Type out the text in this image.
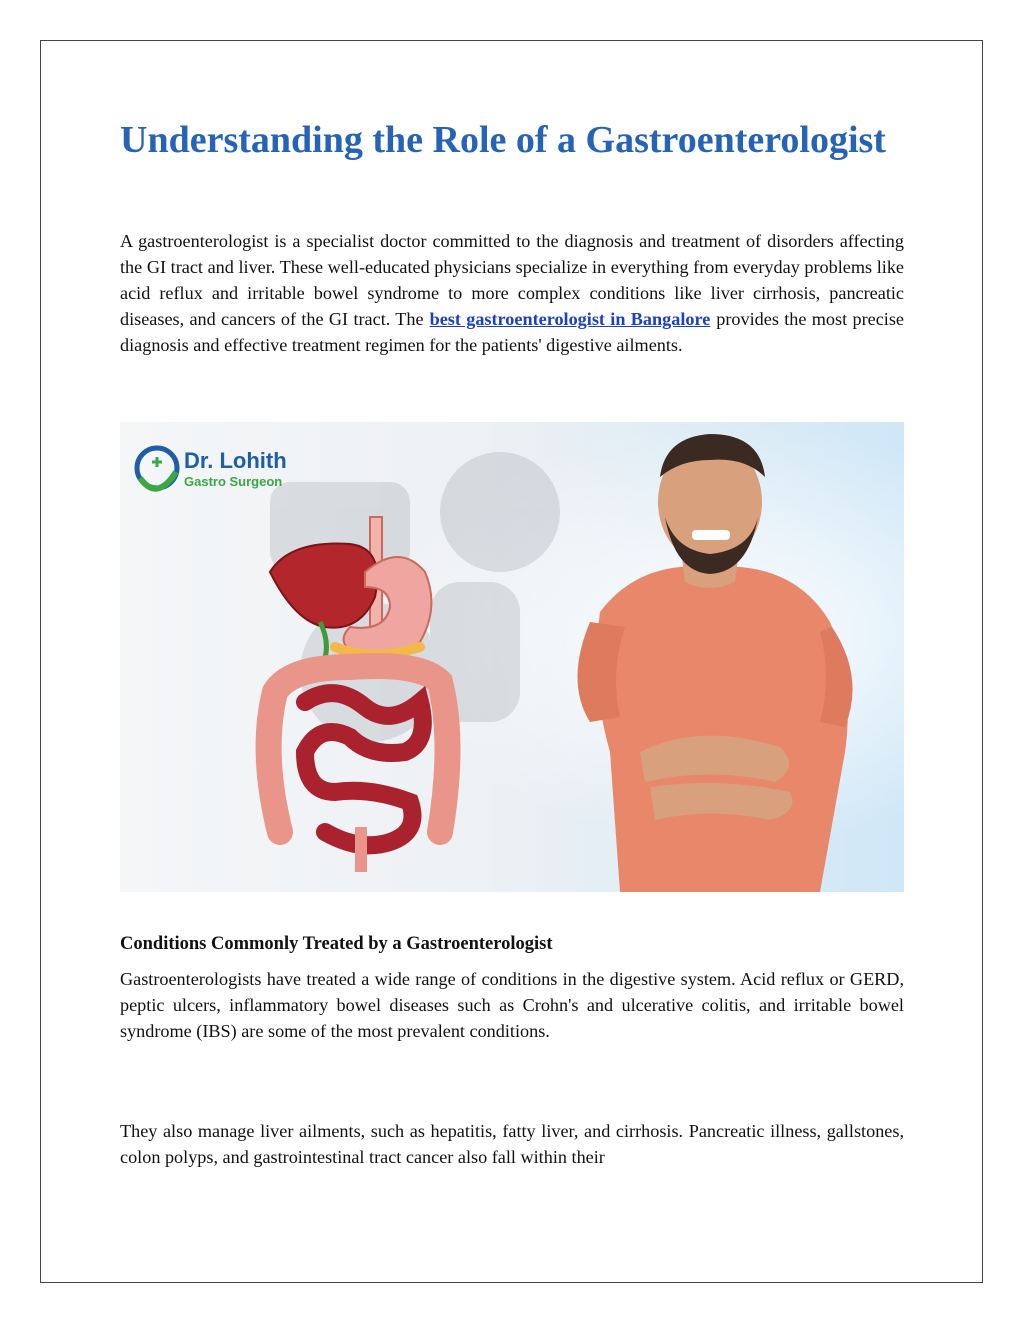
Understanding the Role of a Gastroenterologist

A gastroenterologist is a specialist doctor committed to the diagnosis and treatment of disorders affecting the GI tract and liver. These well-educated physicians specialize in everything from everyday problems like acid reflux and irritable bowel syndrome to more complex conditions like liver cirrhosis, pancreatic diseases, and cancers of the GI tract. The best gastroenterologist in Bangalore provides the most precise diagnosis and effective treatment regimen for the patients' digestive ailments.

Dr. Lohith
Gastro Surgeon
Conditions Commonly Treated by a Gastroenterologist

Gastroenterologists have treated a wide range of conditions in the digestive system. Acid reflux or GERD, peptic ulcers, inflammatory bowel diseases such as Crohn's and ulcerative colitis, and irritable bowel syndrome (IBS) are some of the most prevalent conditions.

They also manage liver ailments, such as hepatitis, fatty liver, and cirrhosis. Pancreatic illness, gallstones, colon polyps, and gastrointestinal tract cancer also fall within their
